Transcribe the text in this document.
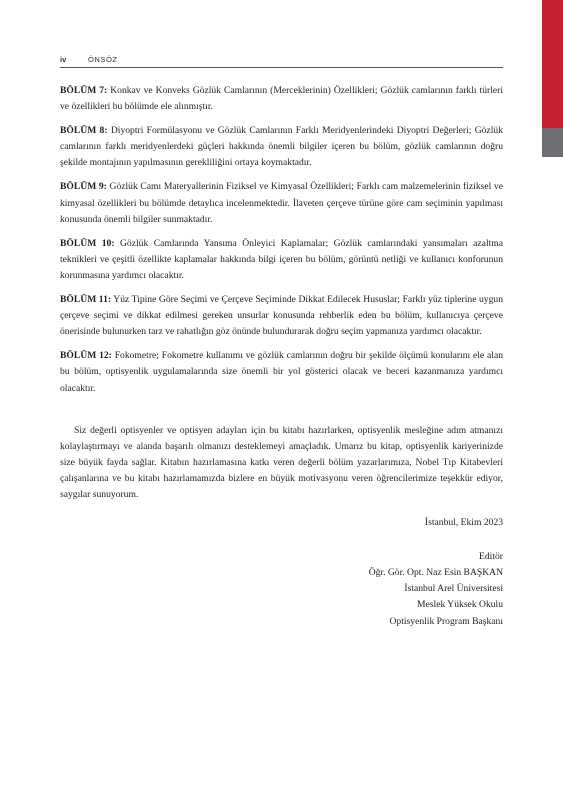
iv	ÖNSÖZ

BÖLÜM 7: Konkav ve Konveks Gözlük Camlarının (Merceklerinin) Özellikleri; Gözlük camlarının farklı türleri ve özellikleri bu bölümde ele alınmıştır.

BÖLÜM 8: Diyoptri Formülasyonu ve Gözlük Camlarının Farklı Meridyenlerindeki Diyoptri Değerleri; Gözlük camlarının farklı meridyenlerdeki güçleri hakkında önemli bilgiler içeren bu bölüm, gözlük camlarının doğru şekilde montajının yapılmasının gerekliliğini ortaya koymaktadır.

BÖLÜM 9: Gözlük Camı Materyallerinin Fiziksel ve Kimyasal Özellikleri; Farklı cam malzemelerinin fiziksel ve kimyasal özellikleri bu bölümde detaylıca incelenmektedir. İlaveten çerçeve türüne göre cam seçiminin yapılması konusunda önemli bilgiler sunmaktadır.

BÖLÜM 10: Gözlük Camlarında Yansıma Önleyici Kaplamalar; Gözlük camlarındaki yansımaları azaltma teknikleri ve çeşitli özellikte kaplamalar hakkında bilgi içeren bu bölüm, görüntü netliği ve kullanıcı konforunun korunmasına yardımcı olacaktır.

BÖLÜM 11: Yüz Tipine Göre Seçimi ve Çerçeve Seçiminde Dikkat Edilecek Hususlar; Farklı yüz tiplerine uygun çerçeve seçimi ve dikkat edilmesi gereken unsurlar konusunda rehberlik eden bu bölüm, kullanıcıya çerçeve önerisinde bulunurken tarz ve rahatlığın göz önünde bulundurarak doğru seçim yapmanıza yardımcı olacaktır.

BÖLÜM 12: Fokometre; Fokometre kullanımı ve gözlük camlarının doğru bir şekilde ölçümü konularını ele alan bu bölüm, optisyenlik uygulamalarında size önemli bir yol gösterici olacak ve beceri kazanmanıza yardımcı olacaktır.

Siz değerli optisyenler ve optisyen adayları için bu kitabı hazırlarken, optisyenlik mesleğine adım atmanızı kolaylaştırmayı ve alanda başarılı olmanızı desteklemeyi amaçladık. Umarız bu kitap, optisyenlik kariyerinizde size büyük fayda sağlar. Kitabın hazırlamasına katkı veren değerli bölüm yazarlarımıza, Nobel Tıp Kitabevleri çalışanlarına ve bu kitabı hazırlamamızda bizlere en büyük motivasyonu veren öğrencilerimize teşekkür ediyor, saygılar sunuyorum.

İstanbul, Ekim 2023

Editör
Öğr. Gör. Opt. Naz Esin BAŞKAN
İstanbul Arel Üniversitesi
Meslek Yüksek Okulu
Optisyenlik Program Başkanı
